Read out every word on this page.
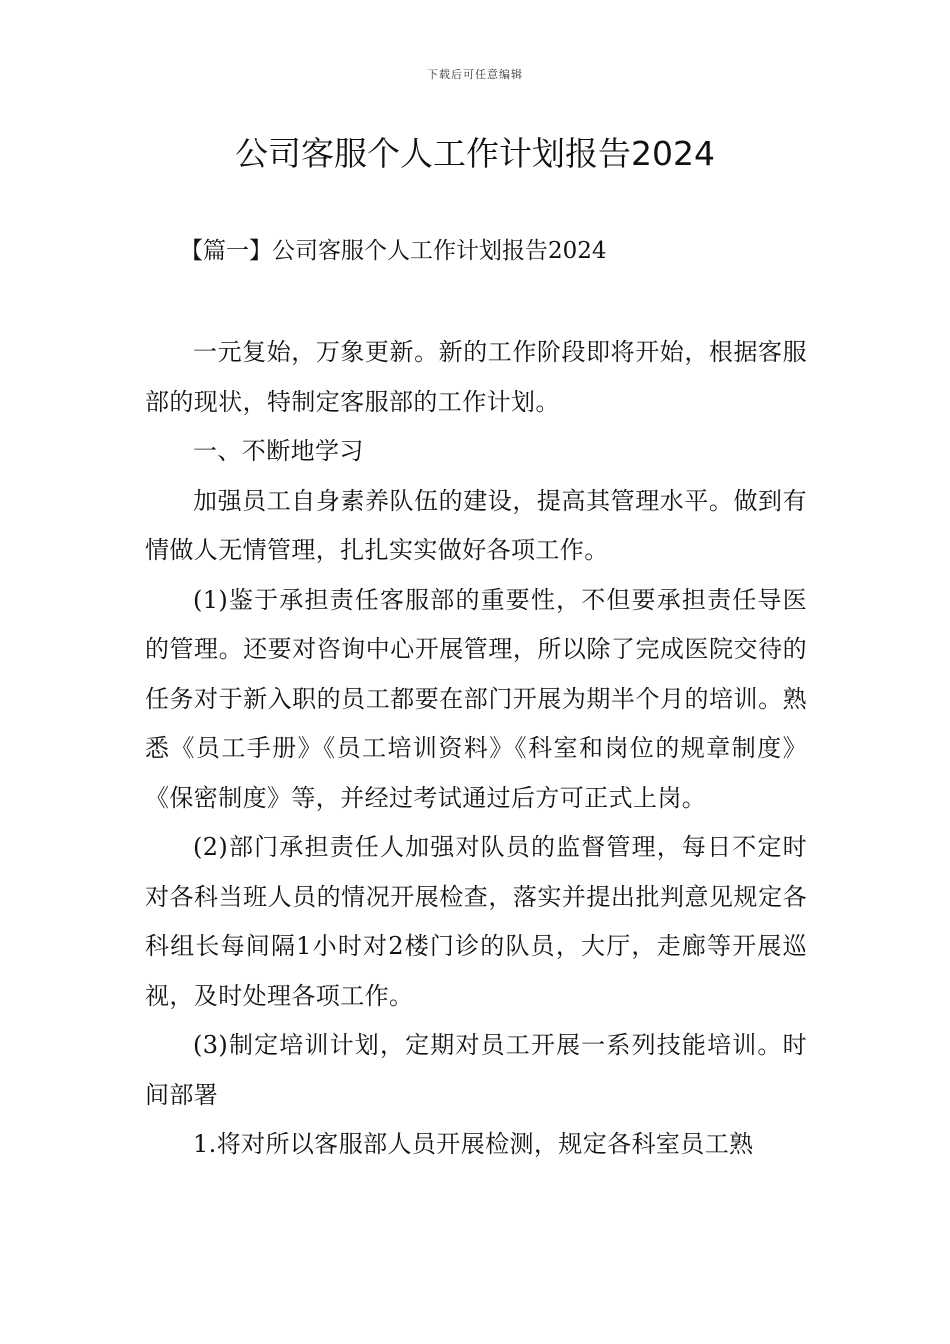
下载后可任意编辑
公司客服个人工作计划报告2024
【篇一】公司客服个人工作计划报告2024

一元复始，万象更新。新的工作阶段即将开始，根据客服部的现状，特制定客服部的工作计划。

一、不断地学习

加强员工自身素养队伍的建设，提高其管理水平。做到有情做人无情管理，扎扎实实做好各项工作。

(1)鉴于承担责任客服部的重要性，不但要承担责任导医的管理。还要对咨询中心开展管理，所以除了完成医院交待的任务对于新入职的员工都要在部门开展为期半个月的培训。熟悉《员工手册》《员工培训资料》《科室和岗位的规章制度》《保密制度》等，并经过考试通过后方可正式上岗。

(2)部门承担责任人加强对队员的监督管理，每日不定时对各科当班人员的情况开展检查，落实并提出批判意见规定各科组长每间隔1小时对2楼门诊的队员，大厅，走廊等开展巡视，及时处理各项工作。

(3)制定培训计划，定期对员工开展一系列技能培训。时间部署

1.将对所以客服部人员开展检测，规定各科室员工熟
